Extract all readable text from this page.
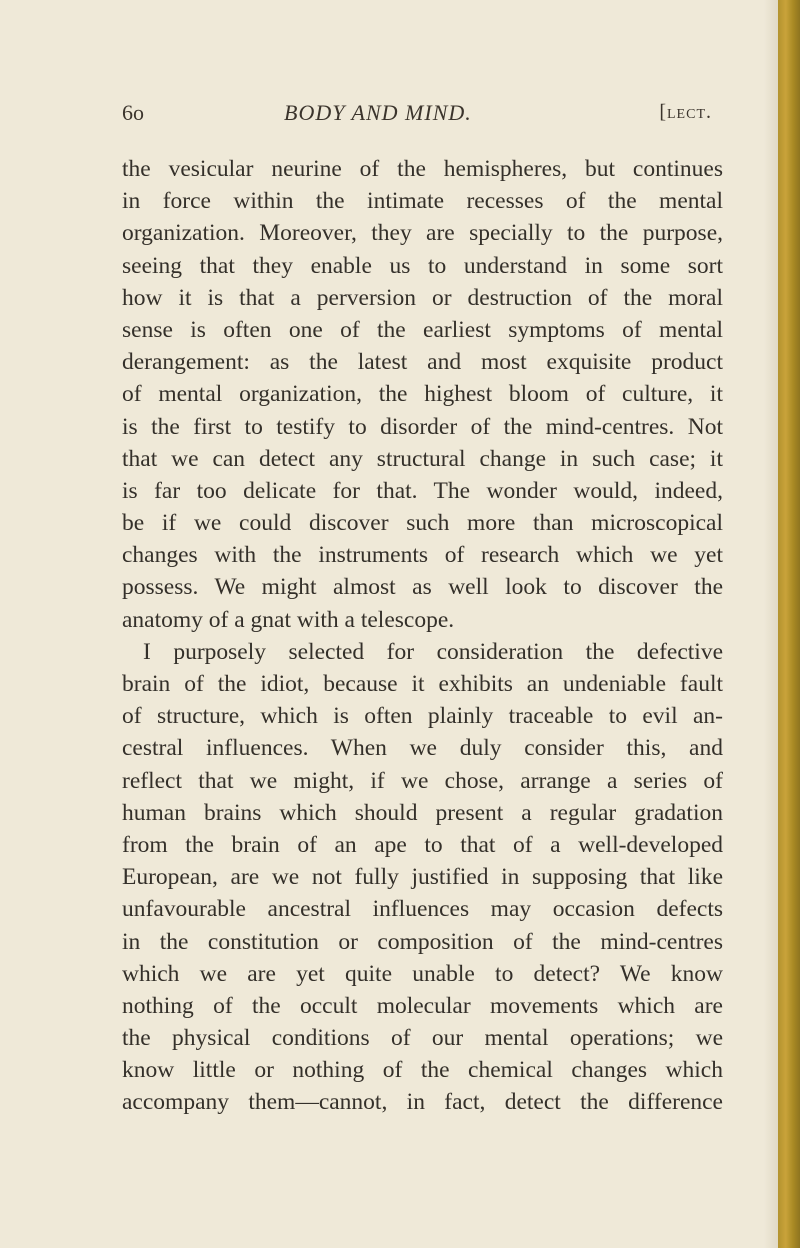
6o	BODY AND MIND.	[lect.
the vesicular neurine of the hemispheres, but continues
in force within the intimate recesses of the mental
organization. Moreover, they are specially to the purpose,
seeing that they enable us to understand in some sort
how it is that a perversion or destruction of the moral
sense is often one of the earliest symptoms of mental
derangement: as the latest and most exquisite product
of mental organization, the highest bloom of culture, it
is the first to testify to disorder of the mind-centres. Not
that we can detect any structural change in such case; it
is far too delicate for that. The wonder would, indeed,
be if we could discover such more than microscopical
changes with the instruments of research which we yet
possess. We might almost as well look to discover the
anatomy of a gnat with a telescope.
I purposely selected for consideration the defective
brain of the idiot, because it exhibits an undeniable fault
of structure, which is often plainly traceable to evil an-
cestral influences. When we duly consider this, and
reflect that we might, if we chose, arrange a series of
human brains which should present a regular gradation
from the brain of an ape to that of a well-developed
European, are we not fully justified in supposing that like
unfavourable ancestral influences may occasion defects
in the constitution or composition of the mind-centres
which we are yet quite unable to detect? We know
nothing of the occult molecular movements which are
the physical conditions of our mental operations; we
know little or nothing of the chemical changes which
accompany them—cannot, in fact, detect the difference
